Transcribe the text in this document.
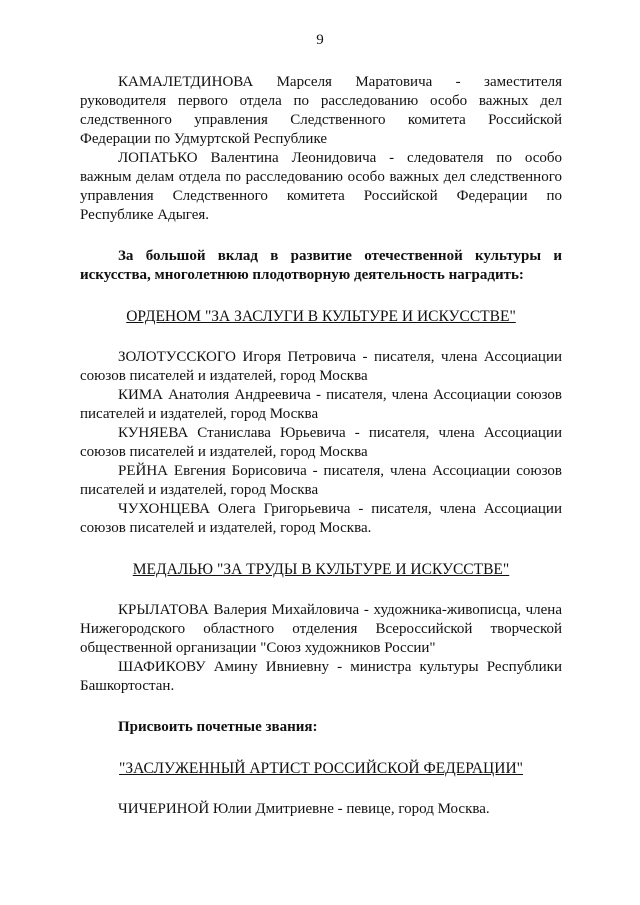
9

КАМАЛЕТДИНОВА Марселя Маратовича - заместителя руководителя первого отдела по расследованию особо важных дел следственного управления Следственного комитета Российской Федерации по Удмуртской Республике

ЛОПАТЬКО Валентина Леонидовича - следователя по особо важным делам отдела по расследованию особо важных дел следственного управления Следственного комитета Российской Федерации по Республике Адыгея.

За большой вклад в развитие отечественной культуры и искусства, многолетнюю плодотворную деятельность наградить:

ОРДЕНОМ "ЗА ЗАСЛУГИ В КУЛЬТУРЕ И ИСКУССТВЕ"

ЗОЛОТУССКОГО Игоря Петровича - писателя, члена Ассоциации союзов писателей и издателей, город Москва

КИМА Анатолия Андреевича - писателя, члена Ассоциации союзов писателей и издателей, город Москва

КУНЯЕВА Станислава Юрьевича - писателя, члена Ассоциации союзов писателей и издателей, город Москва

РЕЙНА Евгения Борисовича - писателя, члена Ассоциации союзов писателей и издателей, город Москва

ЧУХОНЦЕВА Олега Григорьевича - писателя, члена Ассоциации союзов писателей и издателей, город Москва.

МЕДАЛЬЮ "ЗА ТРУДЫ В КУЛЬТУРЕ И ИСКУССТВЕ"

КРЫЛАТОВА Валерия Михайловича - художника-живописца, члена Нижегородского областного отделения Всероссийской творческой общественной организации "Союз художников России"

ШАФИКОВУ Амину Ивниевну - министра культуры Республики Башкортостан.

Присвоить почетные звания:

"ЗАСЛУЖЕННЫЙ АРТИСТ РОССИЙСКОЙ ФЕДЕРАЦИИ"

ЧИЧЕРИНОЙ Юлии Дмитриевне - певице, город Москва.
